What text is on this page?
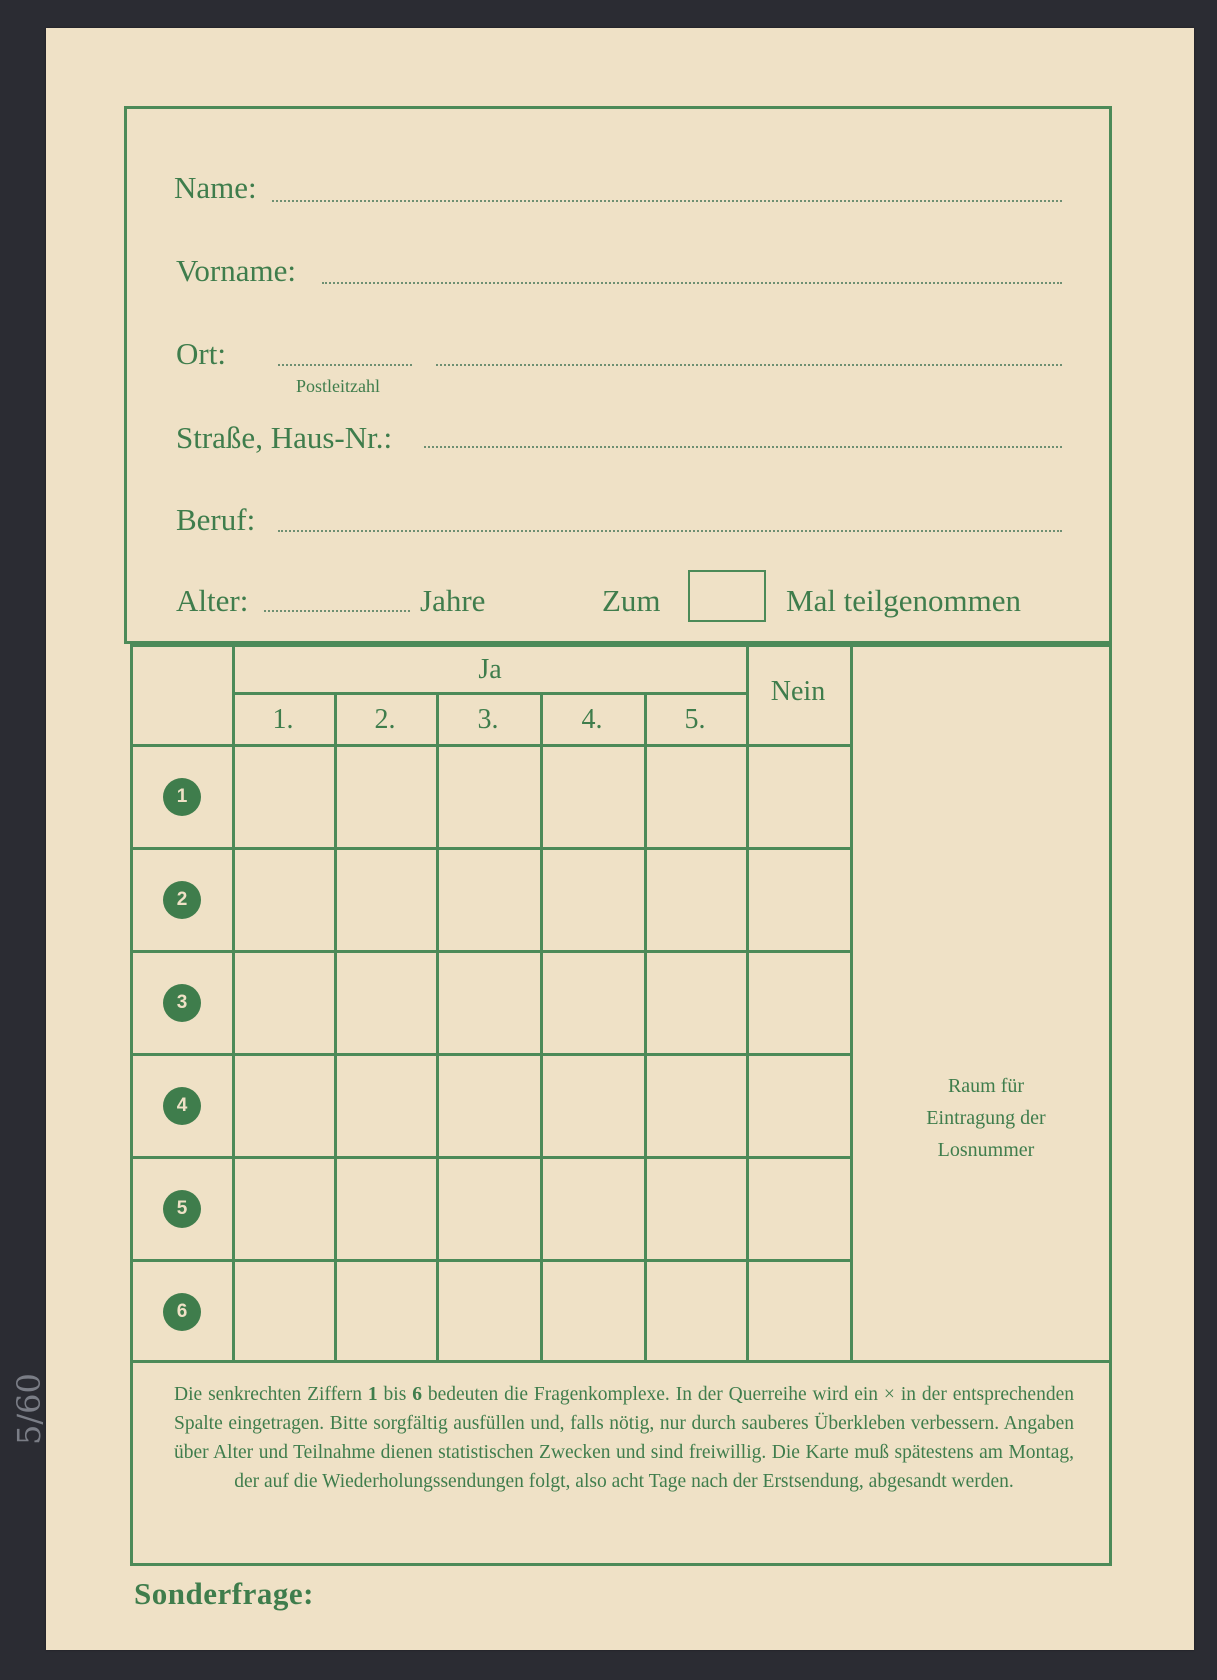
Name:
Vorname:
Ort:
Postleitzahl
Straße, Haus-Nr.:
Beruf:
Alter:	Jahre	Zum	Mal teilgenommen
Ja
Nein
1.	2.	3.	4.	5.
1
2
3
4
5
6
Raum für
Eintragung der
Losnummer
Die senkrechten Ziffern 1 bis 6 bedeuten die Fragenkomplexe. In der Querreihe wird ein × in der entsprechenden Spalte eingetragen. Bitte sorgfältig ausfüllen und, falls nötig, nur durch sauberes Überkleben verbessern. Angaben über Alter und Teilnahme dienen statistischen Zwecken und sind freiwillig. Die Karte muß spätestens am Montag, der auf die Wiederholungssendungen folgt, also acht Tage nach der Erstsendung, abgesandt werden.
Sonderfrage:
5/60
